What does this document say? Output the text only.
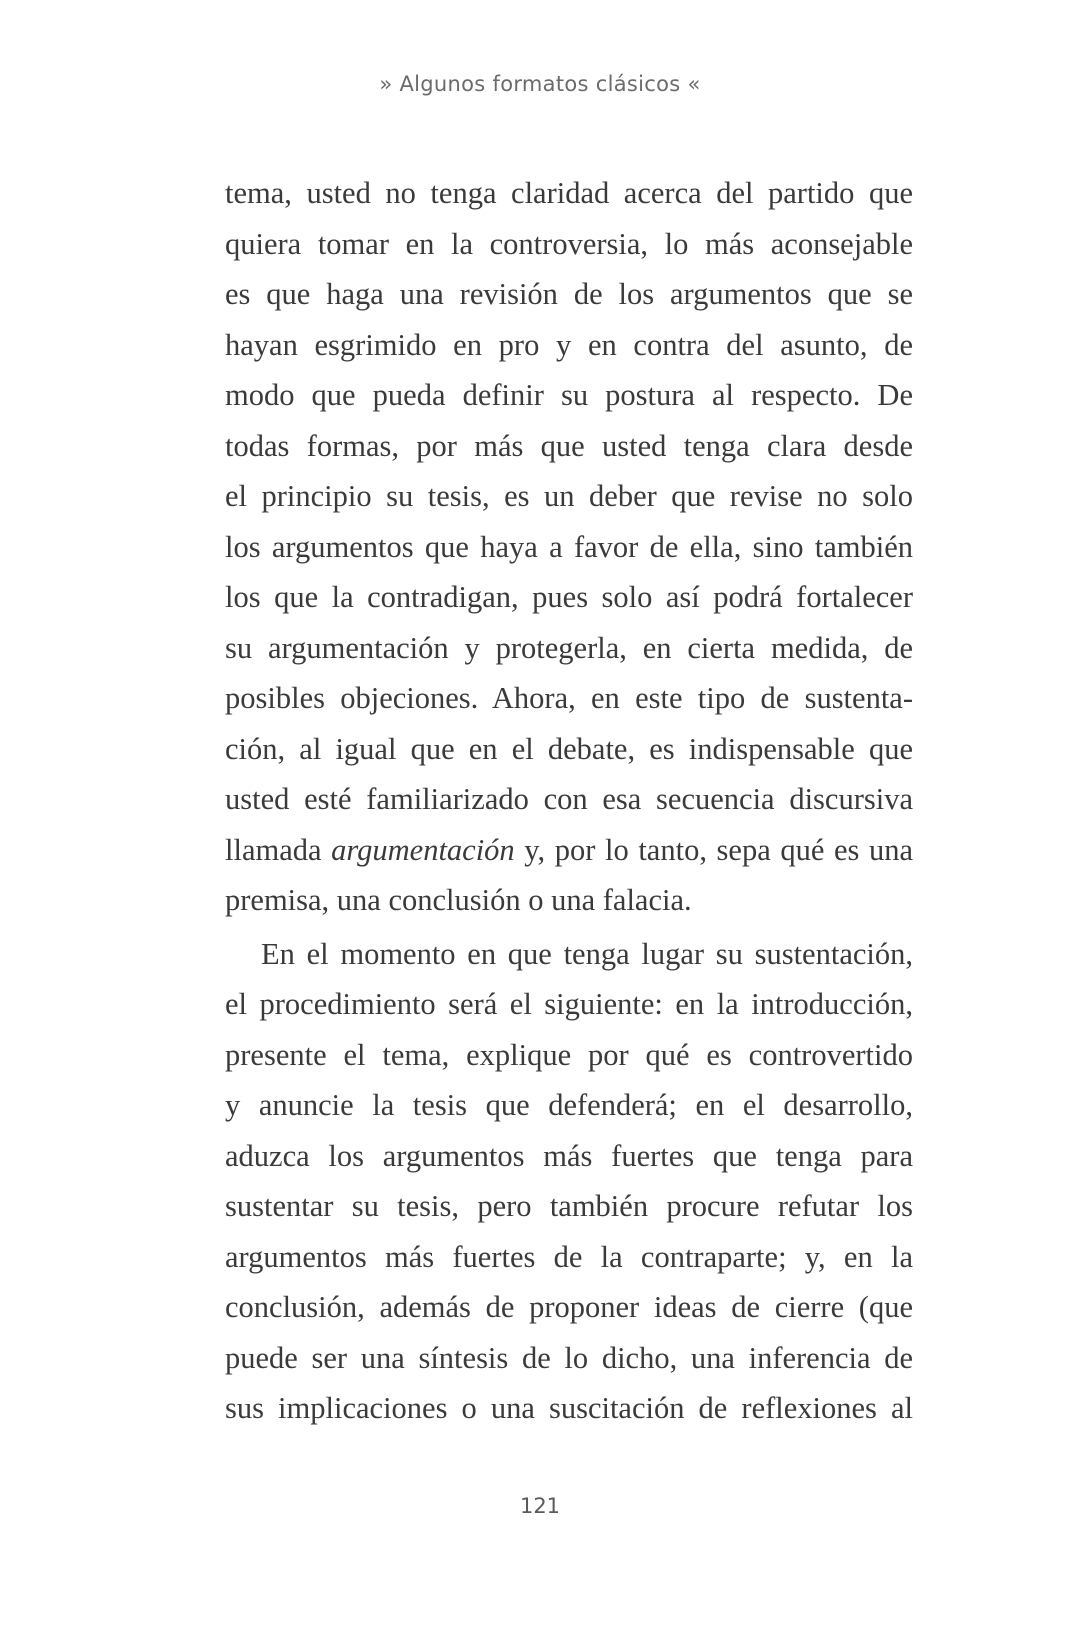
» Algunos formatos clásicos «
tema, usted no tenga claridad acerca del partido que
quiera tomar en la controversia, lo más aconsejable
es que haga una revisión de los argumentos que se
hayan esgrimido en pro y en contra del asunto, de
modo que pueda definir su postura al respecto. De
todas formas, por más que usted tenga clara desde
el principio su tesis, es un deber que revise no solo
los argumentos que haya a favor de ella, sino también
los que la contradigan, pues solo así podrá fortalecer
su argumentación y protegerla, en cierta medida, de
posibles objeciones. Ahora, en este tipo de sustenta-
ción, al igual que en el debate, es indispensable que
usted esté familiarizado con esa secuencia discursiva
llamada argumentación y, por lo tanto, sepa qué es una
premisa, una conclusión o una falacia.
En el momento en que tenga lugar su sustentación,
el procedimiento será el siguiente: en la introducción,
presente el tema, explique por qué es controvertido
y anuncie la tesis que defenderá; en el desarrollo,
aduzca los argumentos más fuertes que tenga para
sustentar su tesis, pero también procure refutar los
argumentos más fuertes de la contraparte; y, en la
conclusión, además de proponer ideas de cierre (que
puede ser una síntesis de lo dicho, una inferencia de
sus implicaciones o una suscitación de reflexiones al
121
